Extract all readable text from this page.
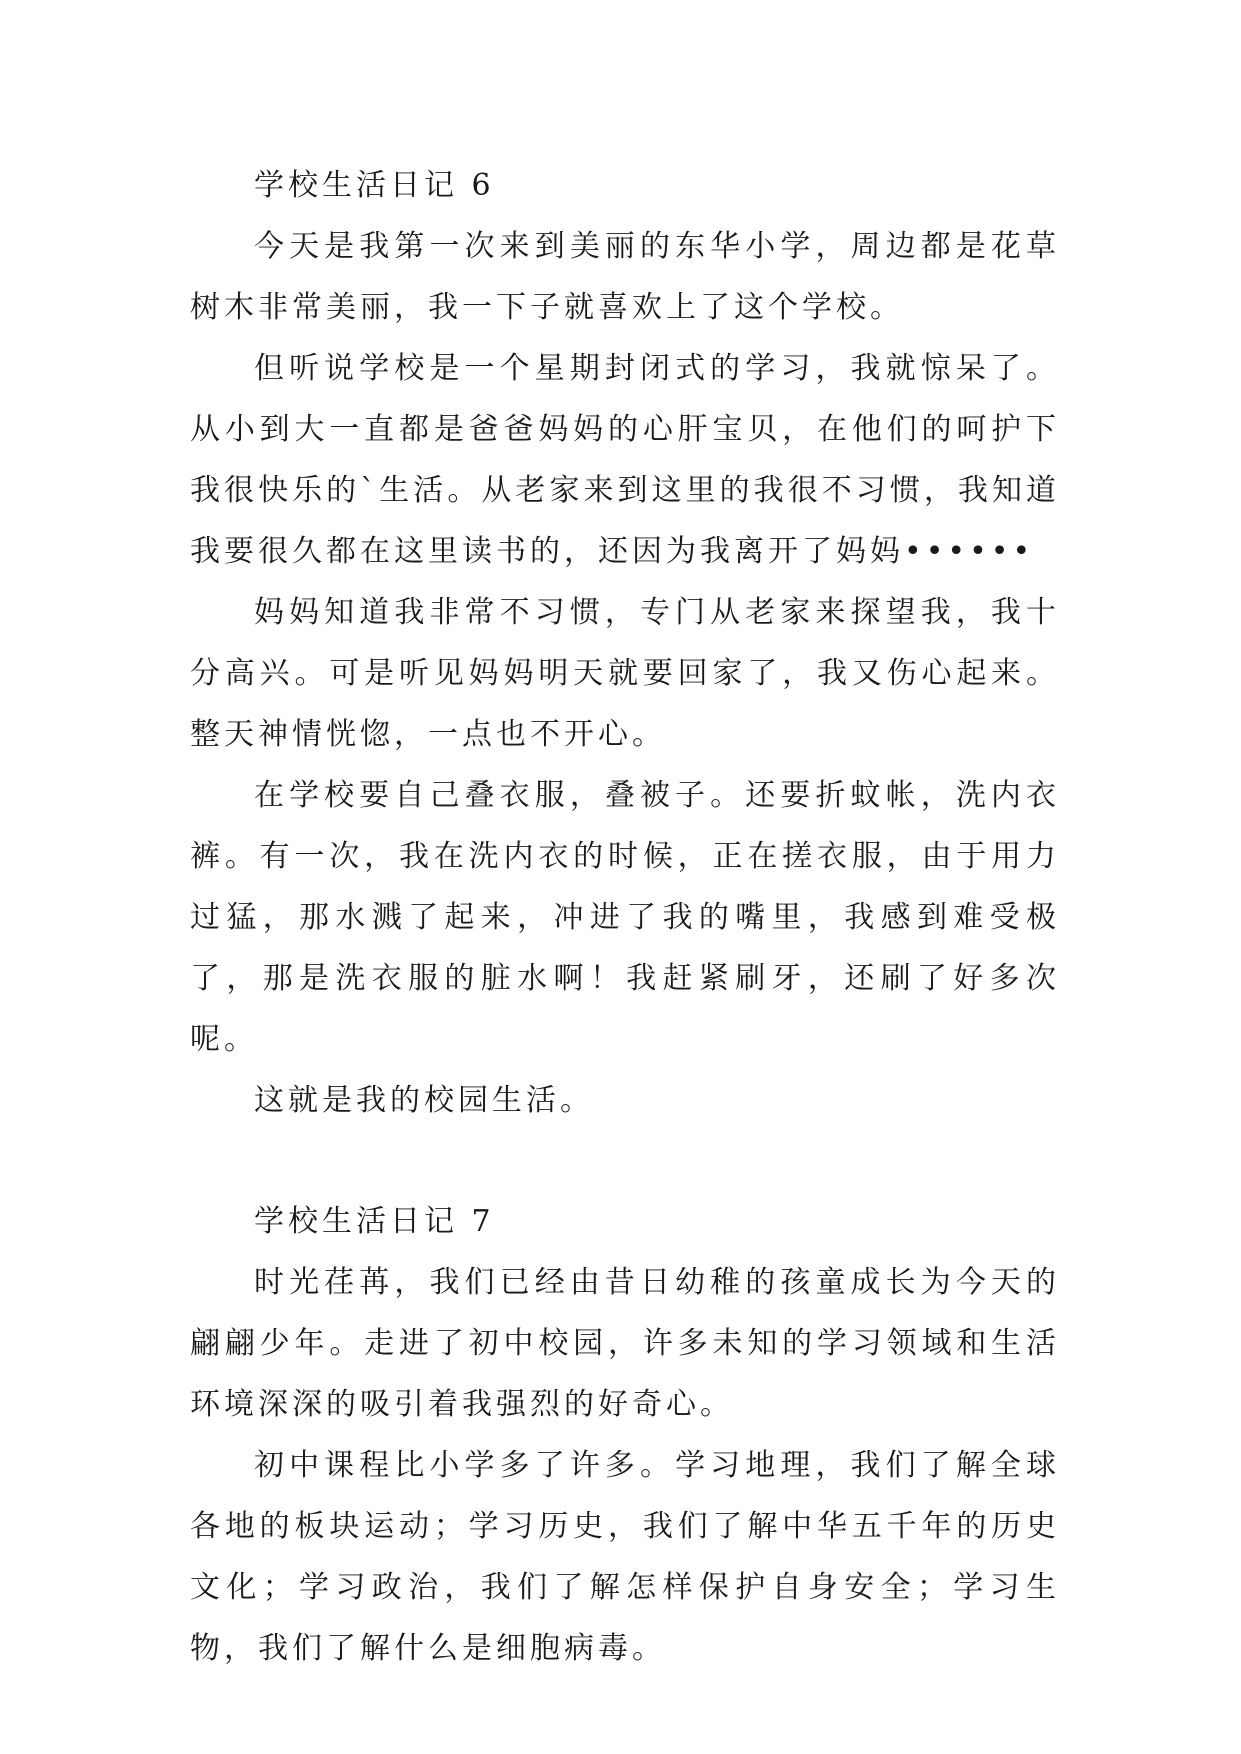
学校生活日记 6

今天是我第一次来到美丽的东华小学，周边都是花草树木非常美丽，我一下子就喜欢上了这个学校。

但听说学校是一个星期封闭式的学习，我就惊呆了。从小到大一直都是爸爸妈妈的心肝宝贝，在他们的呵护下我很快乐的`生活。从老家来到这里的我很不习惯，我知道我要很久都在这里读书的，还因为我离开了妈妈••••••

妈妈知道我非常不习惯，专门从老家来探望我，我十分高兴。可是听见妈妈明天就要回家了，我又伤心起来。整天神情恍惚，一点也不开心。

在学校要自己叠衣服，叠被子。还要折蚊帐，洗内衣裤。有一次，我在洗内衣的时候，正在搓衣服，由于用力过猛，那水溅了起来，冲进了我的嘴里，我感到难受极了，那是洗衣服的脏水啊！我赶紧刷牙，还刷了好多次呢。

这就是我的校园生活。

学校生活日记 7

时光荏苒，我们已经由昔日幼稚的孩童成长为今天的翩翩少年。走进了初中校园，许多未知的学习领域和生活环境深深的吸引着我强烈的好奇心。

初中课程比小学多了许多。学习地理，我们了解全球各地的板块运动；学习历史，我们了解中华五千年的历史文化；学习政治，我们了解怎样保护自身安全；学习生物，我们了解什么是细胞病毒。
